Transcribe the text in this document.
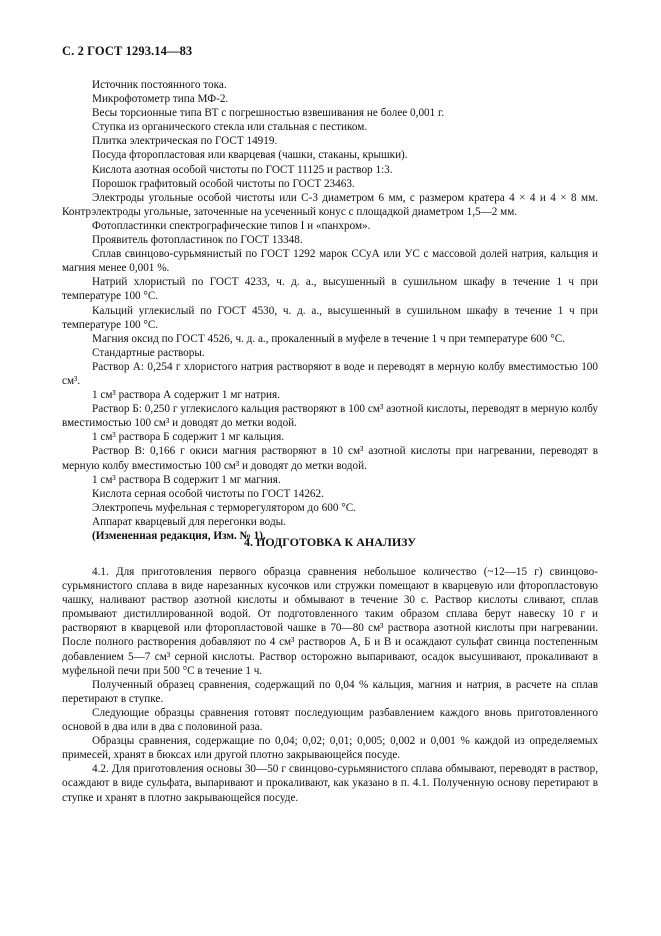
С. 2 ГОСТ 1293.14—83

Источник постоянного тока.

Микрофотометр типа МФ-2.

Весы торсионные типа ВТ с погрешностью взвешивания не более 0,001 г.

Ступка из органического стекла или стальная с пестиком.

Плитка электрическая по ГОСТ 14919.

Посуда фторопластовая или кварцевая (чашки, стаканы, крышки).

Кислота азотная особой чистоты по ГОСТ 11125 и раствор 1:3.

Порошок графитовый особой чистоты по ГОСТ 23463.

Электроды угольные особой чистоты или С-3 диаметром 6 мм, с размером кратера 4 × 4 и 4 × 8 мм. Контрэлектроды угольные, заточенные на усеченный конус с площадкой диаметром 1,5—2 мм.

Фотопластинки спектрографические типов I и «панхром».

Проявитель фотопластинок по ГОСТ 13348.

Сплав свинцово-сурьмянистый по ГОСТ 1292 марок ССуА или УС с массовой долей натрия, кальция и магния менее 0,001 %.

Натрий хлористый по ГОСТ 4233, ч. д. а., высушенный в сушильном шкафу в течение 1 ч при температуре 100 °С.

Кальций углекислый по ГОСТ 4530, ч. д. а., высушенный в сушильном шкафу в течение 1 ч при температуре 100 °С.

Магния оксид по ГОСТ 4526, ч. д. а., прокаленный в муфеле в течение 1 ч при температуре 600 °С.

Стандартные растворы.

Раствор А: 0,254 г хлористого натрия растворяют в воде и переводят в мерную колбу вместимостью 100 см³.

1 см³ раствора А содержит 1 мг натрия.

Раствор Б: 0,250 г углекислого кальция растворяют в 100 см³ азотной кислоты, переводят в мерную колбу вместимостью 100 см³ и доводят до метки водой.

1 см³ раствора Б содержит 1 мг кальция.

Раствор В: 0,166 г окиси магния растворяют в 10 см³ азотной кислоты при нагревании, переводят в мерную колбу вместимостью 100 см³ и доводят до метки водой.

1 см³ раствора В содержит 1 мг магния.

Кислота серная особой чистоты по ГОСТ 14262.

Электропечь муфельная с терморегулятором до 600 °С.

Аппарат кварцевый для перегонки воды.

(Измененная редакция, Изм. № 1).

4. ПОДГОТОВКА К АНАЛИЗУ

4.1. Для приготовления первого образца сравнения небольшое количество (~12—15 г) свинцово-сурьмянистого сплава в виде нарезанных кусочков или стружки помещают в кварцевую или фторопластовую чашку, наливают раствор азотной кислоты и обмывают в течение 30 с. Раствор кислоты сливают, сплав промывают дистиллированной водой. От подготовленного таким образом сплава берут навеску 10 г и растворяют в кварцевой или фторопластовой чашке в 70—80 см³ раствора азотной кислоты при нагревании. После полного растворения добавляют по 4 см³ растворов А, Б и В и осаждают сульфат свинца постепенным добавлением 5—7 см³ серной кислоты. Раствор осторожно выпаривают, осадок высушивают, прокаливают в муфельной печи при 500 °С в течение 1 ч.

Полученный образец сравнения, содержащий по 0,04 % кальция, магния и натрия, в расчете на сплав перетирают в ступке.

Следующие образцы сравнения готовят последующим разбавлением каждого вновь приготовленного основой в два или в два с половиной раза.

Образцы сравнения, содержащие по 0,04; 0,02; 0,01; 0,005; 0,002 и 0,001 % каждой из определяемых примесей, хранят в бюксах или другой плотно закрывающейся посуде.

4.2. Для приготовления основы 30—50 г свинцово-сурьмянистого сплава обмывают, переводят в раствор, осаждают в виде сульфата, выпаривают и прокаливают, как указано в п. 4.1. Полученную основу перетирают в ступке и хранят в плотно закрывающейся посуде.
